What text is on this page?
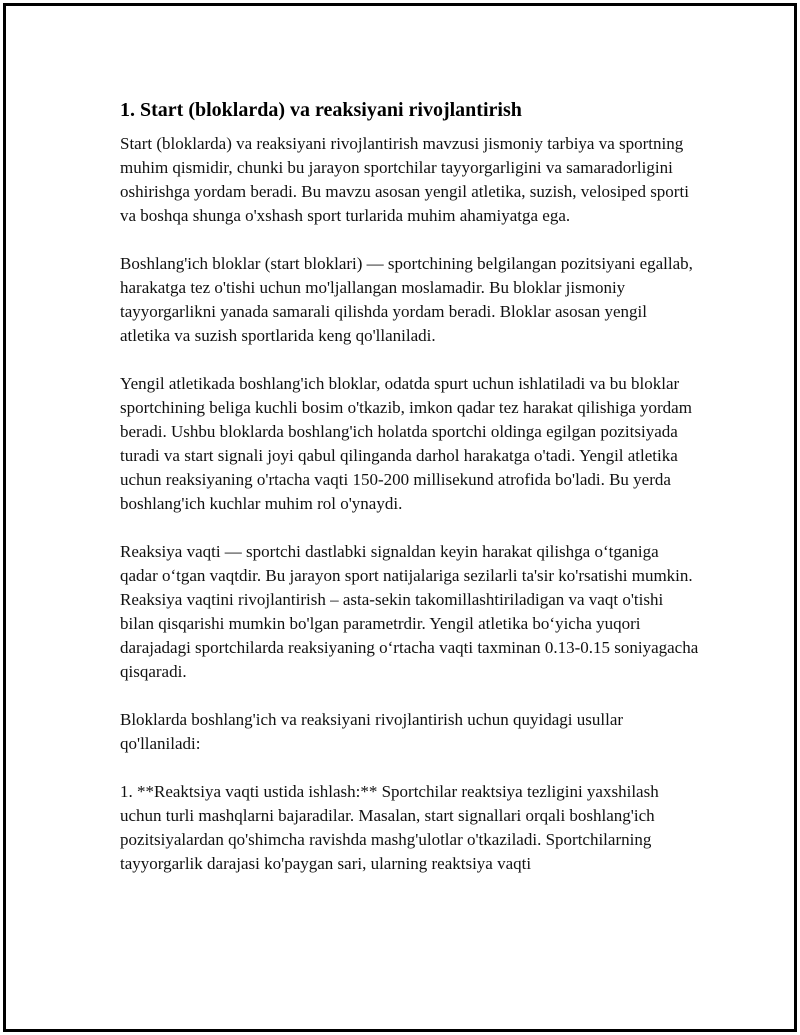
1. Start (bloklarda) va reaksiyani rivojlantirish

Start (bloklarda) va reaksiyani rivojlantirish mavzusi jismoniy tarbiya va sportning muhim qismidir, chunki bu jarayon sportchilar tayyorgarligini va samaradorligini oshirishga yordam beradi. Bu mavzu asosan yengil atletika, suzish, velosiped sporti va boshqa shunga o'xshash sport turlarida muhim ahamiyatga ega.

Boshlang'ich bloklar (start bloklari) — sportchining belgilangan pozitsiyani egallab, harakatga tez o'tishi uchun mo'ljallangan moslamadir. Bu bloklar jismoniy tayyorgarlikni yanada samarali qilishda yordam beradi. Bloklar asosan yengil atletika va suzish sportlarida keng qo'llaniladi.

Yengil atletikada boshlang'ich bloklar, odatda spurt uchun ishlatiladi va bu bloklar sportchining beliga kuchli bosim o'tkazib, imkon qadar tez harakat qilishiga yordam beradi. Ushbu bloklarda boshlang'ich holatda sportchi oldinga egilgan pozitsiyada turadi va start signali joyi qabul qilinganda darhol harakatga o'tadi. Yengil atletika uchun reaksiyaning o'rtacha vaqti 150-200 millisekund atrofida bo'ladi. Bu yerda boshlang'ich kuchlar muhim rol o'ynaydi.

Reaksiya vaqti — sportchi dastlabki signaldan keyin harakat qilishga o‘tganiga qadar o‘tgan vaqtdir. Bu jarayon sport natijalariga sezilarli ta'sir ko'rsatishi mumkin. Reaksiya vaqtini rivojlantirish – asta-sekin takomillashtiriladigan va vaqt o'tishi bilan qisqarishi mumkin bo'lgan parametrdir. Yengil atletika bo‘yicha yuqori darajadagi sportchilarda reaksiyaning o‘rtacha vaqti taxminan 0.13-0.15 soniyagacha qisqaradi.

Bloklarda boshlang'ich va reaksiyani rivojlantirish uchun quyidagi usullar qo'llaniladi:

1. **Reaktsiya vaqti ustida ishlash:** Sportchilar reaktsiya tezligini yaxshilash uchun turli mashqlarni bajaradilar. Masalan, start signallari orqali boshlang'ich pozitsiyalardan qo'shimcha ravishda mashg'ulotlar o'tkaziladi. Sportchilarning tayyorgarlik darajasi ko'paygan sari, ularning reaktsiya vaqti
